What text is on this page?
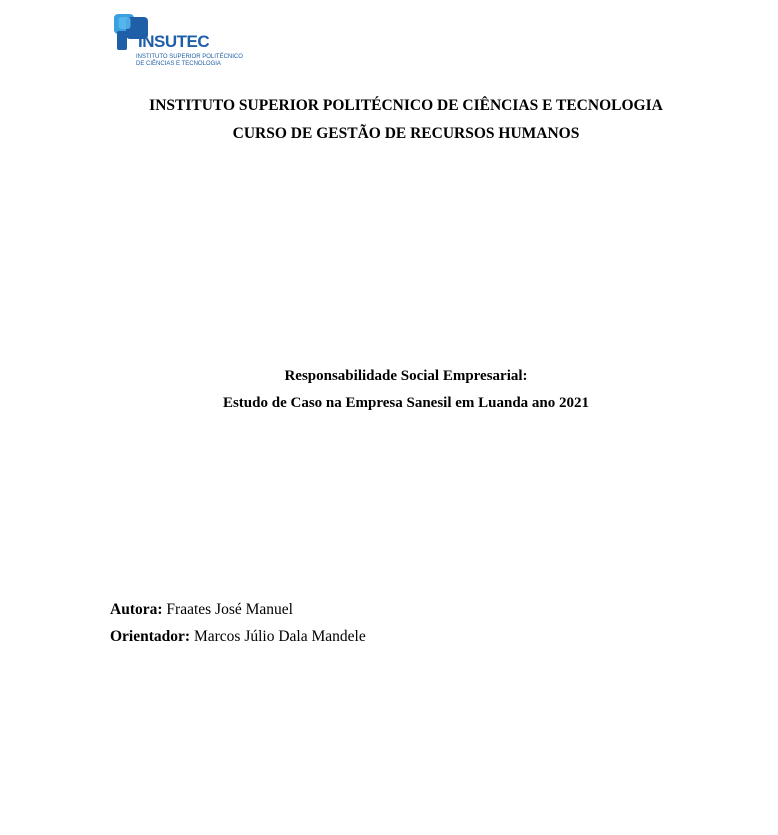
INSUTEC
INSTITUTO SUPERIOR POLITÉCNICO
DE CIÊNCIAS E TECNOLOGIA
INSTITUTO SUPERIOR POLITÉCNICO DE CIÊNCIAS E TECNOLOGIA
CURSO DE GESTÃO DE RECURSOS HUMANOS
Responsabilidade Social Empresarial:
Estudo de Caso na Empresa Sanesil em Luanda ano 2021
Autora: Fraates José Manuel
Orientador: Marcos Júlio Dala Mandele
